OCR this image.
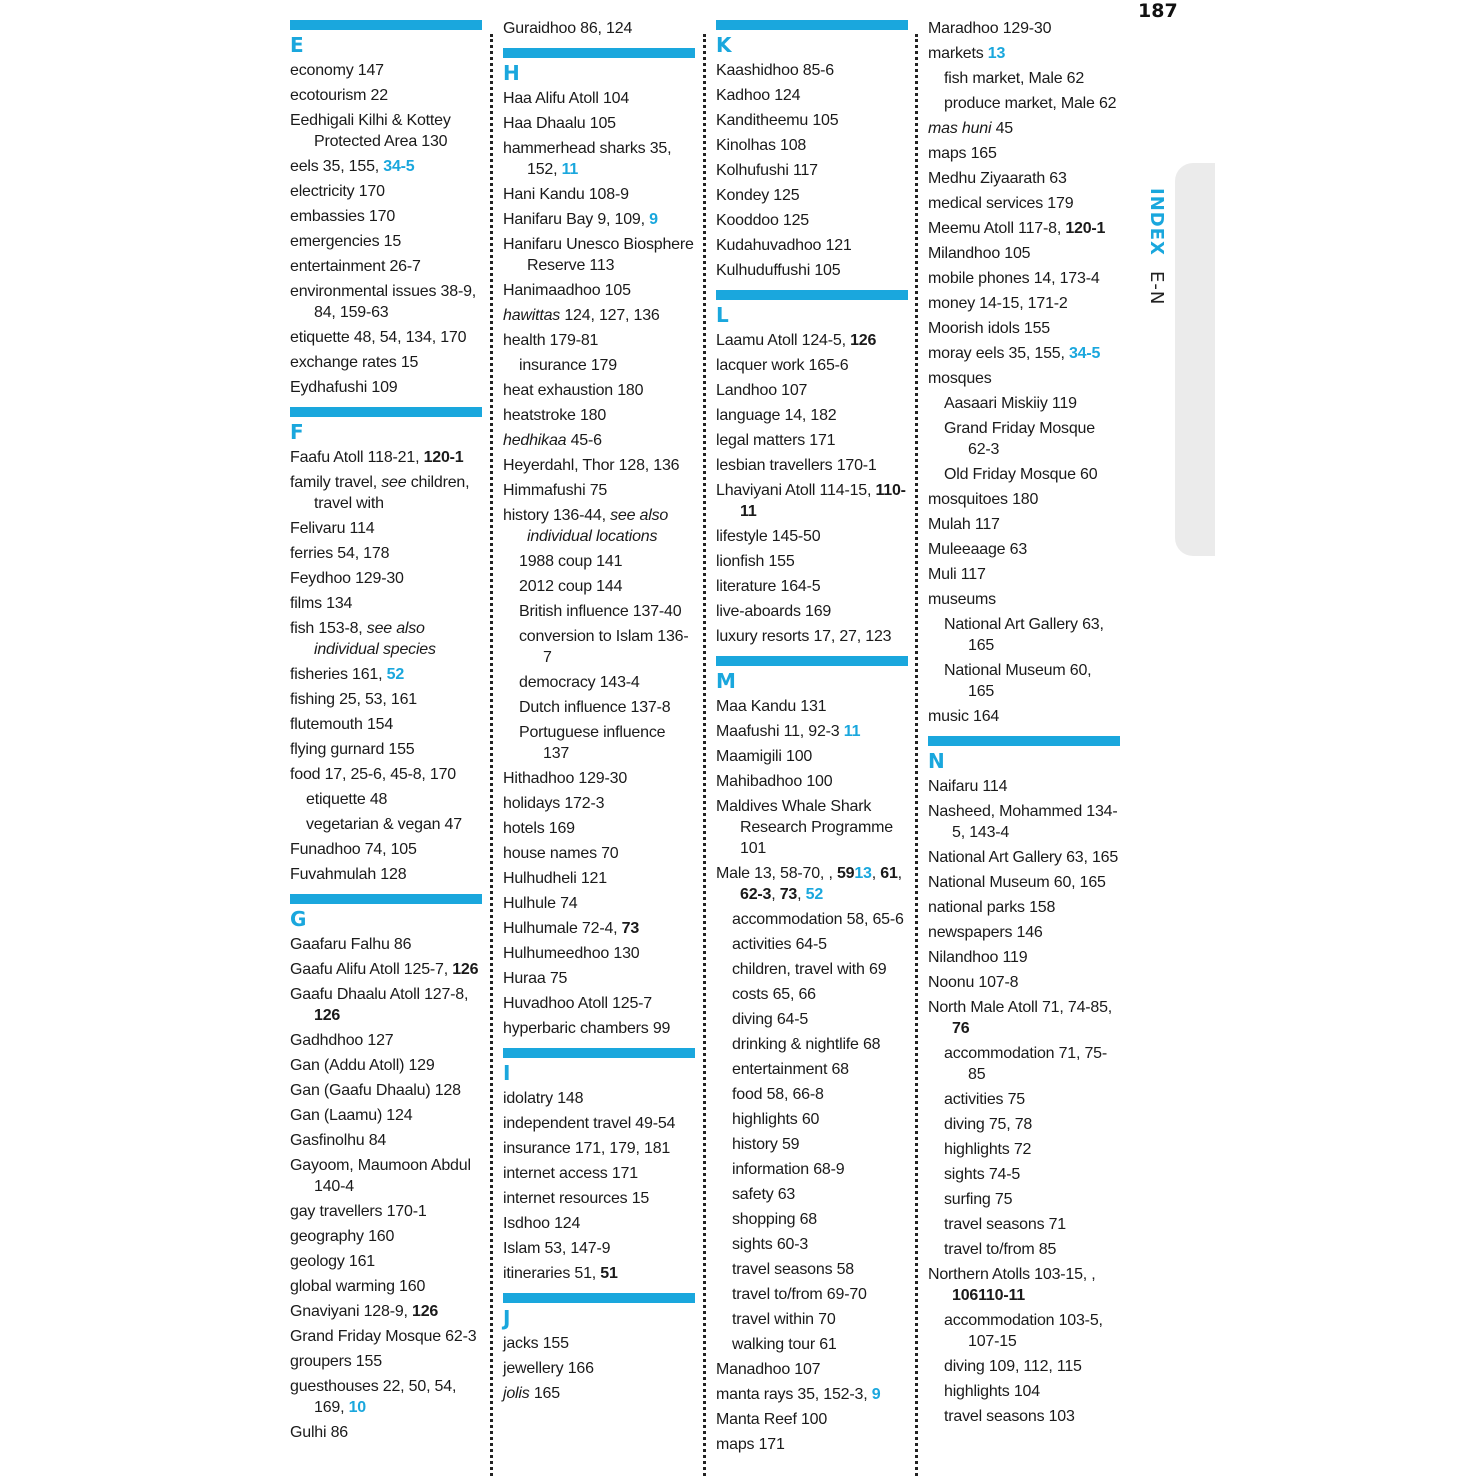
187
INDEX E-N
E
economy 147
ecotourism 22
Eedhigali Kilhi & Kottey Protected Area 130
eels 35, 155, 34-5
electricity 170
embassies 170
emergencies 15
entertainment 26-7
environmental issues 38-9, 84, 159-63
etiquette 48, 54, 134, 170
exchange rates 15
Eydhafushi 109
F
Faafu Atoll 118-21, 120-1
family travel, see children, travel with
Felivaru 114
ferries 54, 178
Feydhoo 129-30
films 134
fish 153-8, see also individual species
fisheries 161, 52
fishing 25, 53, 161
flutemouth 154
flying gurnard 155
food 17, 25-6, 45-8, 170
etiquette 48
vegetarian & vegan 47
Funadhoo 74, 105
Fuvahmulah 128
G
Gaafaru Falhu 86
Gaafu Alifu Atoll 125-7, 126
Gaafu Dhaalu Atoll 127-8, 126
Gadhdhoo 127
Gan (Addu Atoll) 129
Gan (Gaafu Dhaalu) 128
Gan (Laamu) 124
Gasfinolhu 84
Gayoom, Maumoon Abdul 140-4
gay travellers 170-1
geography 160
geology 161
global warming 160
Gnaviyani 128-9, 126
Grand Friday Mosque 62-3
groupers 155
guesthouses 22, 50, 54, 169, 10
Gulhi 86
Guraidhoo 86, 124
H
Haa Alifu Atoll 104
Haa Dhaalu 105
hammerhead sharks 35, 152, 11
Hani Kandu 108-9
Hanifaru Bay 9, 109, 9
Hanifaru Unesco Biosphere Reserve 113
Hanimaadhoo 105
hawittas 124, 127, 136
health 179-81
insurance 179
heat exhaustion 180
heatstroke 180
hedhikaa 45-6
Heyerdahl, Thor 128, 136
Himmafushi 75
history 136-44, see also individual locations
1988 coup 141
2012 coup 144
British influence 137-40
conversion to Islam 136-7
democracy 143-4
Dutch influence 137-8
Portuguese influence 137
Hithadhoo 129-30
holidays 172-3
hotels 169
house names 70
Hulhudheli 121
Hulhule 74
Hulhumale 72-4, 73
Hulhumeedhoo 130
Huraa 75
Huvadhoo Atoll 125-7
hyperbaric chambers 99
I
idolatry 148
independent travel 49-54
insurance 171, 179, 181
internet access 171
internet resources 15
Isdhoo 124
Islam 53, 147-9
itineraries 51, 51
J
jacks 155
jewellery 166
jolis 165
K
Kaashidhoo 85-6
Kadhoo 124
Kanditheemu 105
Kinolhas 108
Kolhufushi 117
Kondey 125
Kooddoo 125
Kudahuvadhoo 121
Kulhuduffushi 105
L
Laamu Atoll 124-5, 126
lacquer work 165-6
Landhoo 107
language 14, 182
legal matters 171
lesbian travellers 170-1
Lhaviyani Atoll 114-15, 110-11
lifestyle 145-50
lionfish 155
literature 164-5
live-aboards 169
luxury resorts 17, 27, 123
M
Maa Kandu 131
Maafushi 11, 92-3 11
Maamigili 100
Mahibadhoo 100
Maldives Whale Shark Research Programme 101
Male 13, 58-70, , 5913, 61, 62-3, 73, 52
accommodation 58, 65-6
activities 64-5
children, travel with 69
costs 65, 66
diving 64-5
drinking & nightlife 68
entertainment 68
food 58, 66-8
highlights 60
history 59
information 68-9
safety 63
shopping 68
sights 60-3
travel seasons 58
travel to/from 69-70
travel within 70
walking tour 61
Manadhoo 107
manta rays 35, 152-3, 9
Manta Reef 100
maps 171
Maradhoo 129-30
markets 13
fish market, Male 62
produce market, Male 62
mas huni 45
maps 165
Medhu Ziyaarath 63
medical services 179
Meemu Atoll 117-8, 120-1
Milandhoo 105
mobile phones 14, 173-4
money 14-15, 171-2
Moorish idols 155
moray eels 35, 155, 34-5
mosques
Aasaari Miskiiy 119
Grand Friday Mosque 62-3
Old Friday Mosque 60
mosquitoes 180
Mulah 117
Muleeaage 63
Muli 117
museums
National Art Gallery 63, 165
National Museum 60, 165
music 164
N
Naifaru 114
Nasheed, Mohammed 134-5, 143-4
National Art Gallery 63, 165
National Museum 60, 165
national parks 158
newspapers 146
Nilandhoo 119
Noonu 107-8
North Male Atoll 71, 74-85, 76
accommodation 71, 75-85
activities 75
diving 75, 78
highlights 72
sights 74-5
surfing 75
travel seasons 71
travel to/from 85
Northern Atolls 103-15, , 106110-11
accommodation 103-5, 107-15
diving 109, 112, 115
highlights 104
travel seasons 103
